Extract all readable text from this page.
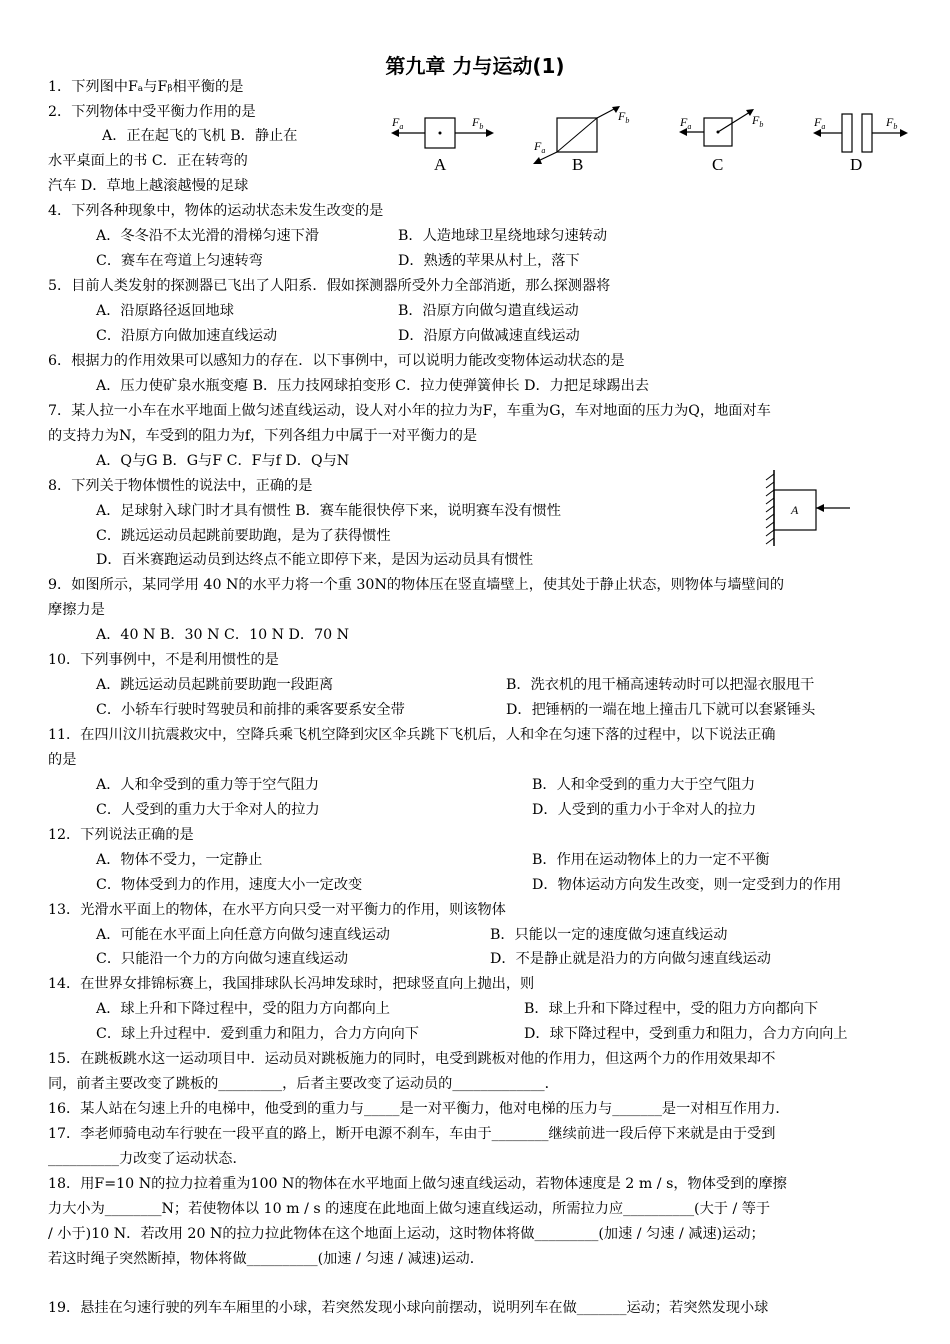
第九章 力与运动(1)
1．下列图中Fₐ与Fᵦ相平衡的是
2．下列物体中受平衡力作用的是
A．正在起飞的飞机 B．静止在
水平桌面上的书 C．正在转弯的
汽车 D．草地上越滚越慢的足球
4．下列各种现象中，物体的运动状态未发生改变的是
A．冬冬沿不太光滑的滑梯匀速下滑	B．人造地球卫星绕地球匀速转动
C．赛车在弯道上匀速转弯	D．熟透的苹果从村上，落下
5．目前人类发射的探测器已飞出了人阳系．假如探测器所受外力全部消逝，那么探测器将
A．沿原路径返回地球	B．沿原方向做匀遣直线运动
C．沿原方向做加速直线运动	D．沿原方向做减速直线运动
6．根据力的作用效果可以感知力的存在．以下事例中，可以说明力能改变物体运动状态的是
A．压力使矿泉水瓶变瘪 B．压力技网球拍变形 C．拉力使弹簧伸长 D．力把足球踢出去
7．某人拉一小车在水平地面上做匀述直线运动，设人对小年的拉力为F，车重为G，车对地面的压力为Q，地面对车
的支持力为N，车受到的阻力为f，下列各组力中属于一对平衡力的是
A．Q与G B．G与F C．F与f D．Q与N
8．下列关于物体惯性的说法中，正确的是
A．足球射入球门时才具有惯性 B．赛车能很快停下来，说明赛车没有惯性
C．跳远运动员起跳前要助跑，是为了获得惯性
D．百米赛跑运动员到达终点不能立即停下来，是因为运动员具有惯性
9．如图所示，某同学用 40 N的水平力将一个重 30N的物体压在竖直墙壁上，使其处于静止状态，则物体与墙壁间的
摩擦力是
A．40 N B．30 N C．10 N D．70 N
10．下列事例中，不是利用惯性的是
A．跳远运动员起跳前要助跑一段距离	B．洗衣机的甩干桶高速转动时可以把湿衣服甩干
C．小轿车行驶时驾驶员和前排的乘客要系安全带	D．把锤柄的一端在地上撞击几下就可以套紧锤头
11．在四川汶川抗震救灾中，空降兵乘飞机空降到灾区伞兵跳下飞机后，人和伞在匀速下落的过程中，以下说法正确
的是
A．人和伞受到的重力等于空气阻力	B．人和伞受到的重力大于空气阻力
C．人受到的重力大于伞对人的拉力	D．人受到的重力小于伞对人的拉力
12．下列说法正确的是
A．物体不受力，一定静止	B．作用在运动物体上的力一定不平衡
C．物体受到力的作用，速度大小一定改变	D．物体运动方向发生改变，则一定受到力的作用
13．光滑水平面上的物体，在水平方向只受一对平衡力的作用，则该物体
A．可能在水平面上向任意方向做匀速直线运动	B．只能以一定的速度做匀速直线运动
C．只能沿一个力的方向做匀速直线运动	D．不是静止就是沿力的方向做匀速直线运动
14．在世界女排锦标赛上，我国排球队长冯坤发球时，把球竖直向上抛出，则
A．球上升和下降过程中，受的阻力方向都向上	B．球上升和下降过程中，受的阻力方向都向下
C．球上升过程中．爱到重力和阻力，合力方向向下	D．球下降过程中，受到重力和阻力，合力方向向上
15．在跳板跳水这一运动项目中．运动员对跳板施力的同时，电受到跳板对他的作用力，但这两个力的作用效果却不
同，前者主要改变了跳板的_________，后者主要改变了运动员的_____________．
16．某人站在匀速上升的电梯中，他受到的重力与_____是一对平衡力，他对电梯的压力与_______是一对相互作用力．
17．李老师骑电动车行驶在一段平直的路上，断开电源不刹车，车由于________继续前进一段后停下来就是由于受到
__________力改变了运动状态．
18．用F=10 N的拉力拉着重为100 N的物体在水平地面上做匀速直线运动，若物体速度是 2 m / s，物体受到的摩擦
力大小为________N；若使物体以 10 m / s 的速度在此地面上做匀速直线运动，所需拉力应__________(大于 / 等于
/ 小于)10 N．若改用 20 N的拉力拉此物体在这个地面上运动，这时物体将做_________(加速 / 匀速 / 减速)运动；
若这时绳子突然断掉，物体将做__________(加速 / 匀速 / 减速)运动．
19．悬挂在匀速行驶的列车车厢里的小球，若突然发现小球向前摆动，说明列车在做_______运动；若突然发现小球
$F_a$	$F_b$
A
$F_a$
$F_b$
B
$F_a$	$F_b$
C
$F_a$	$F_b$
D
A
